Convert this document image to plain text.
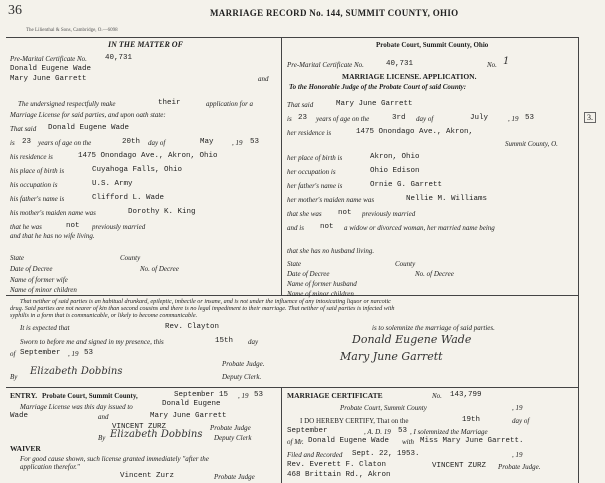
36	MARRIAGE RECORD No. 144, SUMMIT COUNTY, OHIO
The Lilienthal & Sons, Cambridge, O.—6098
3.
IN THE MATTER OF
Pre-Marital Certificate No. 40,731
Donald Eugene Wade
and
Mary June Garrett
The undersigned respectfully make	their	application for a
Marriage License for said parties, and upon oath state:
That said Donald Eugene Wade
is 23 years of age on the	20th day of	May	, 19 53
his residence is	1475 Onondago Ave., Akron, Ohio
his place of birth is	Cuyahoga Falls, Ohio
his occupation is	U.S. Army
his father's name is	Clifford L. Wade
his mother's maiden name was	Dorothy K. King
that he was	not previously married
and that he has no wife living.
State	County
Date of Decree	No. of Decree
Name of former wife
Name of minor children
Probate Court, Summit County, Ohio
Pre-Marital Certificate No.	40,731	No. 1
MARRIAGE LICENSE. APPLICATION.
To the Honorable Judge of the Probate Court of said County:
That said	Mary June Garrett
is 23 years of age on the	3rd day of	July	, 19 53
her residence is	1475 Onondago Ave., Akron,
Summit County, O.
her place of birth is	Akron, Ohio
her occupation is	Ohio Edison
her father's name is	Ornie G. Garrett
her mother's maiden name was	Nellie M. Williams
that she was not previously married
and is not a widow or divorced woman, her married name being
that she has no husband living.
State	County
Date of Decree	No. of Decree
Name of former husband
Name of minor children
That neither of said parties is an habitual drunkard, epileptic, imbecile or insane, and is not under the influence of any intoxicating liquor or narcotic
drug. Said parties are not nearer of kin than second cousins and there is no legal impediment to their marriage. That neither of said parties is infected with
syphilis in a form that is communicable, or likely to become communicable.
It is expected that	Rev. Clayton	is to solemnize the marriage of said parties.
Sworn to before me and signed in my presence, this	15th day
of September , 19 53
Probate Judge.
By Elizabeth Dobbins	Deputy Clerk.
Donald Eugene Wade
Mary June Garrett
ENTRY. Probate Court, Summit County,	September 15 , 19 53
Marriage License was this day issued to	Donald Eugene
Wade	and	Mary June Garrett
VINCENT ZURZ	Probate Judge
By Elizabeth Dobbins Deputy Clerk
WAIVER
For good cause shown, such license granted immediately "after the
application therefor."
Vincent Zurz	Probate Judge
MARRIAGE CERTIFICATE	No. 143,799
Probate Court, Summit County	, 19
I DO HEREBY CERTIFY, That on the	19th	day of
September	, A. D. 19 53 , I solemnized the Marriage
of Mr. Donald Eugene Wade with Miss Mary June Garrett.
Filed and Recorded Sept. 22, 1953.	, 19
Rev. Everett F. Claton	VINCENT ZURZ Probate Judge.
468 Brittain Rd., Akron
